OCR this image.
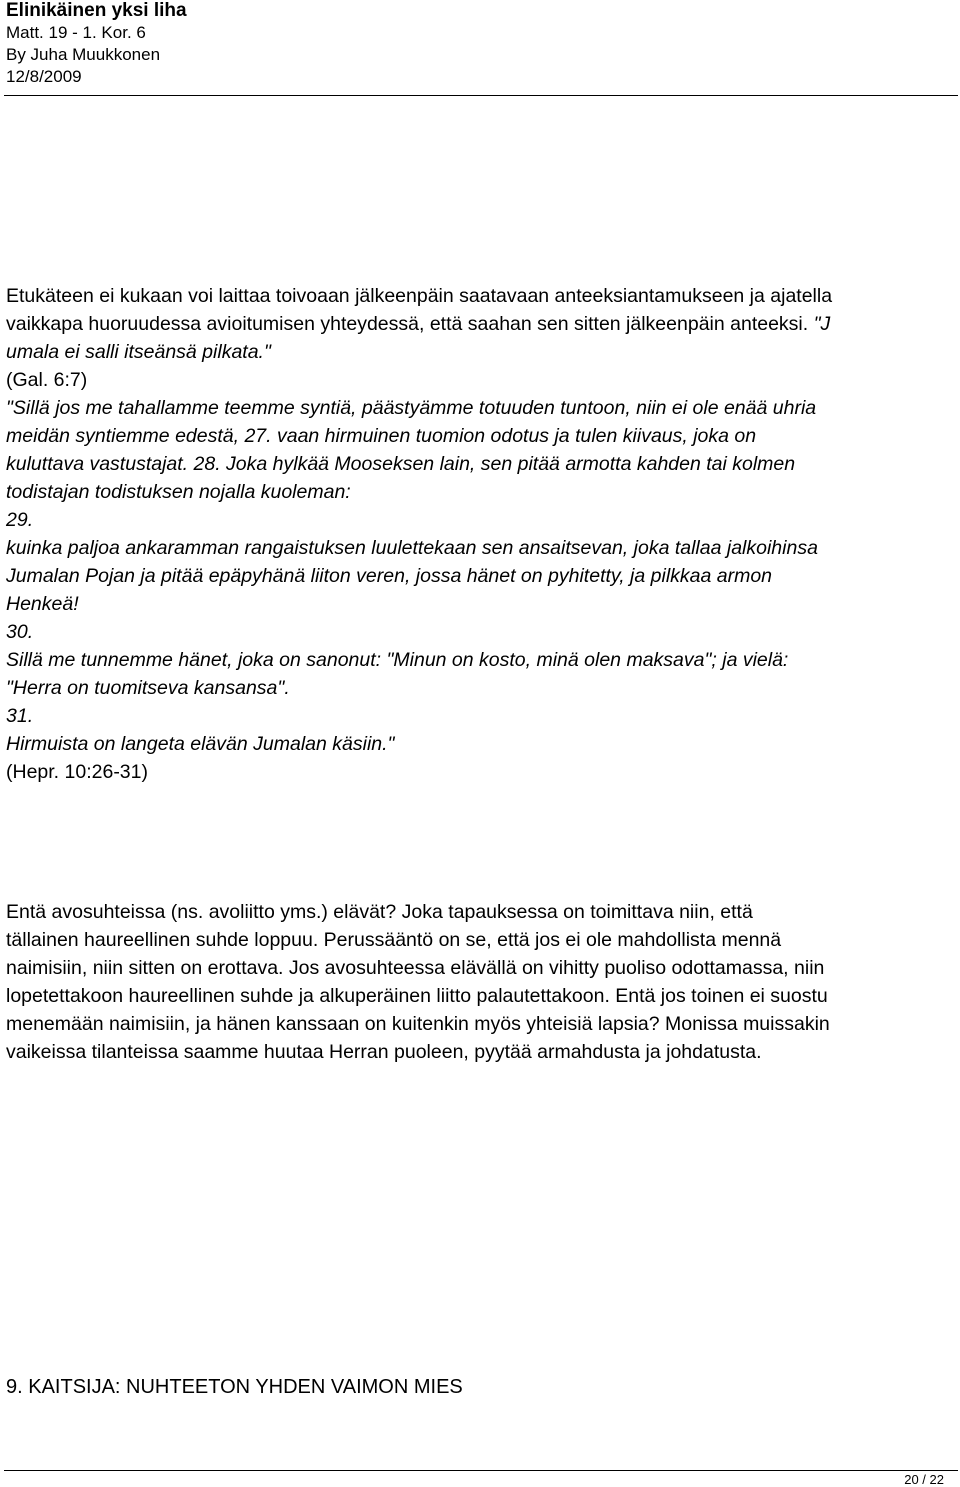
Elinikäinen yksi liha
Matt. 19 - 1. Kor. 6
By Juha Muukkonen
12/8/2009
Etukäteen ei kukaan voi laittaa toivoaan jälkeenpäin saatavaan anteeksiantamukseen ja ajatella
vaikkapa huoruudessa avioitumisen yhteydessä, että saahan sen sitten jälkeenpäin anteeksi. "J
umala ei salli itseänsä pilkata."
(Gal. 6:7)
"Sillä jos me tahallamme teemme syntiä, päästyämme totuuden tuntoon, niin ei ole enää uhria
meidän syntiemme edestä, 27. vaan hirmuinen tuomion odotus ja tulen kiivaus, joka on
kuluttava vastustajat. 28. Joka hylkää Mooseksen lain, sen pitää armotta kahden tai kolmen
todistajan todistuksen nojalla kuoleman:
29.
kuinka paljoa ankaramman rangaistuksen luulettekaan sen ansaitsevan, joka tallaa jalkoihinsa
Jumalan Pojan ja pitää epäpyhänä liiton veren, jossa hänet on pyhitetty, ja pilkkaa armon
Henkeä!
30.
Sillä me tunnemme hänet, joka on sanonut: "Minun on kosto, minä olen maksava"; ja vielä:
"Herra on tuomitseva kansansa".
31.
Hirmuista on langeta elävän Jumalan käsiin."
(Hepr. 10:26-31)
Entä avosuhteissa (ns. avoliitto yms.) elävät? Joka tapauksessa on toimittava niin, että
tällainen haureellinen suhde loppuu. Perussääntö on se, että jos ei ole mahdollista mennä
naimisiin, niin sitten on erottava. Jos avosuhteessa elävällä on vihitty puoliso odottamassa, niin
lopetettakoon haureellinen suhde ja alkuperäinen liitto palautettakoon. Entä jos toinen ei suostu
menemään naimisiin, ja hänen kanssaan on kuitenkin myös yhteisiä lapsia? Monissa muissakin
vaikeissa tilanteissa saamme huutaa Herran puoleen, pyytää armahdusta ja johdatusta.
9. KAITSIJA: NUHTEETON YHDEN VAIMON MIES
20 / 22
